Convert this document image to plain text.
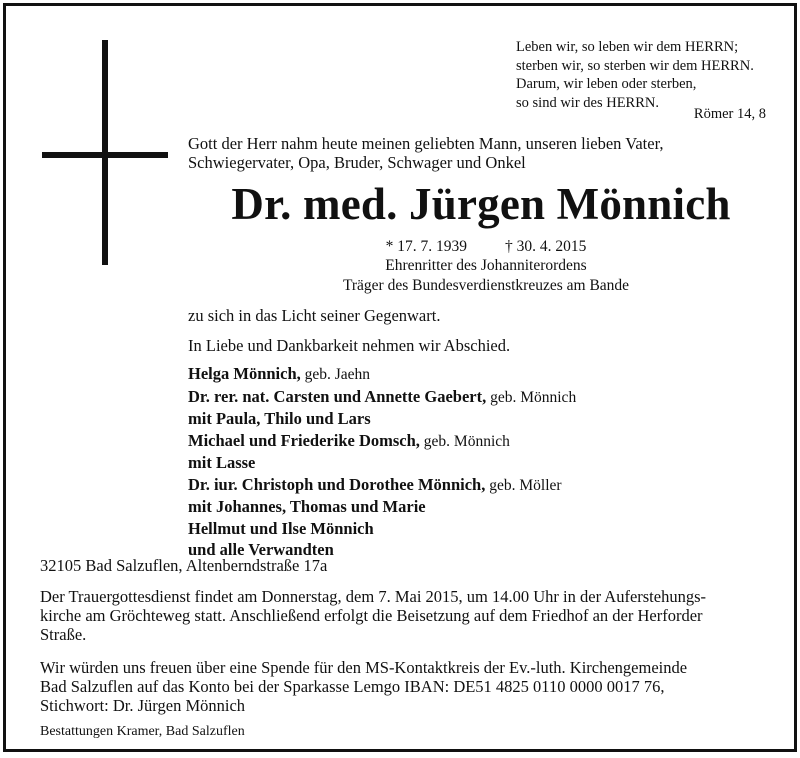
Leben wir, so leben wir dem HERRN;
sterben wir, so sterben wir dem HERRN.
Darum, wir leben oder sterben,
so sind wir des HERRN.
Römer 14, 8
Gott der Herr nahm heute meinen geliebten Mann, unseren lieben Vater,
Schwiegervater, Opa, Bruder, Schwager und Onkel
Dr. med. Jürgen Mönnich
* 17. 7. 1939 † 30. 4. 2015
Ehrenritter des Johanniterordens
Träger des Bundesverdienstkreuzes am Bande
zu sich in das Licht seiner Gegenwart.
In Liebe und Dankbarkeit nehmen wir Abschied.
Helga Mönnich, geb. Jaehn
Dr. rer. nat. Carsten und Annette Gaebert, geb. Mönnich
mit Paula, Thilo und Lars
Michael und Friederike Domsch, geb. Mönnich
mit Lasse
Dr. iur. Christoph und Dorothee Mönnich, geb. Möller
mit Johannes, Thomas und Marie
Hellmut und Ilse Mönnich
und alle Verwandten
32105 Bad Salzuflen, Altenberndstraße 17a
Der Trauergottesdienst findet am Donnerstag, dem 7. Mai 2015, um 14.00 Uhr in der Auferstehungs-
kirche am Gröchteweg statt. Anschließend erfolgt die Beisetzung auf dem Friedhof an der Herforder
Straße.
Wir würden uns freuen über eine Spende für den MS-Kontaktkreis der Ev.-luth. Kirchengemeinde
Bad Salzuflen auf das Konto bei der Sparkasse Lemgo IBAN: DE51 4825 0110 0000 0017 76,
Stichwort: Dr. Jürgen Mönnich
Bestattungen Kramer, Bad Salzuflen
